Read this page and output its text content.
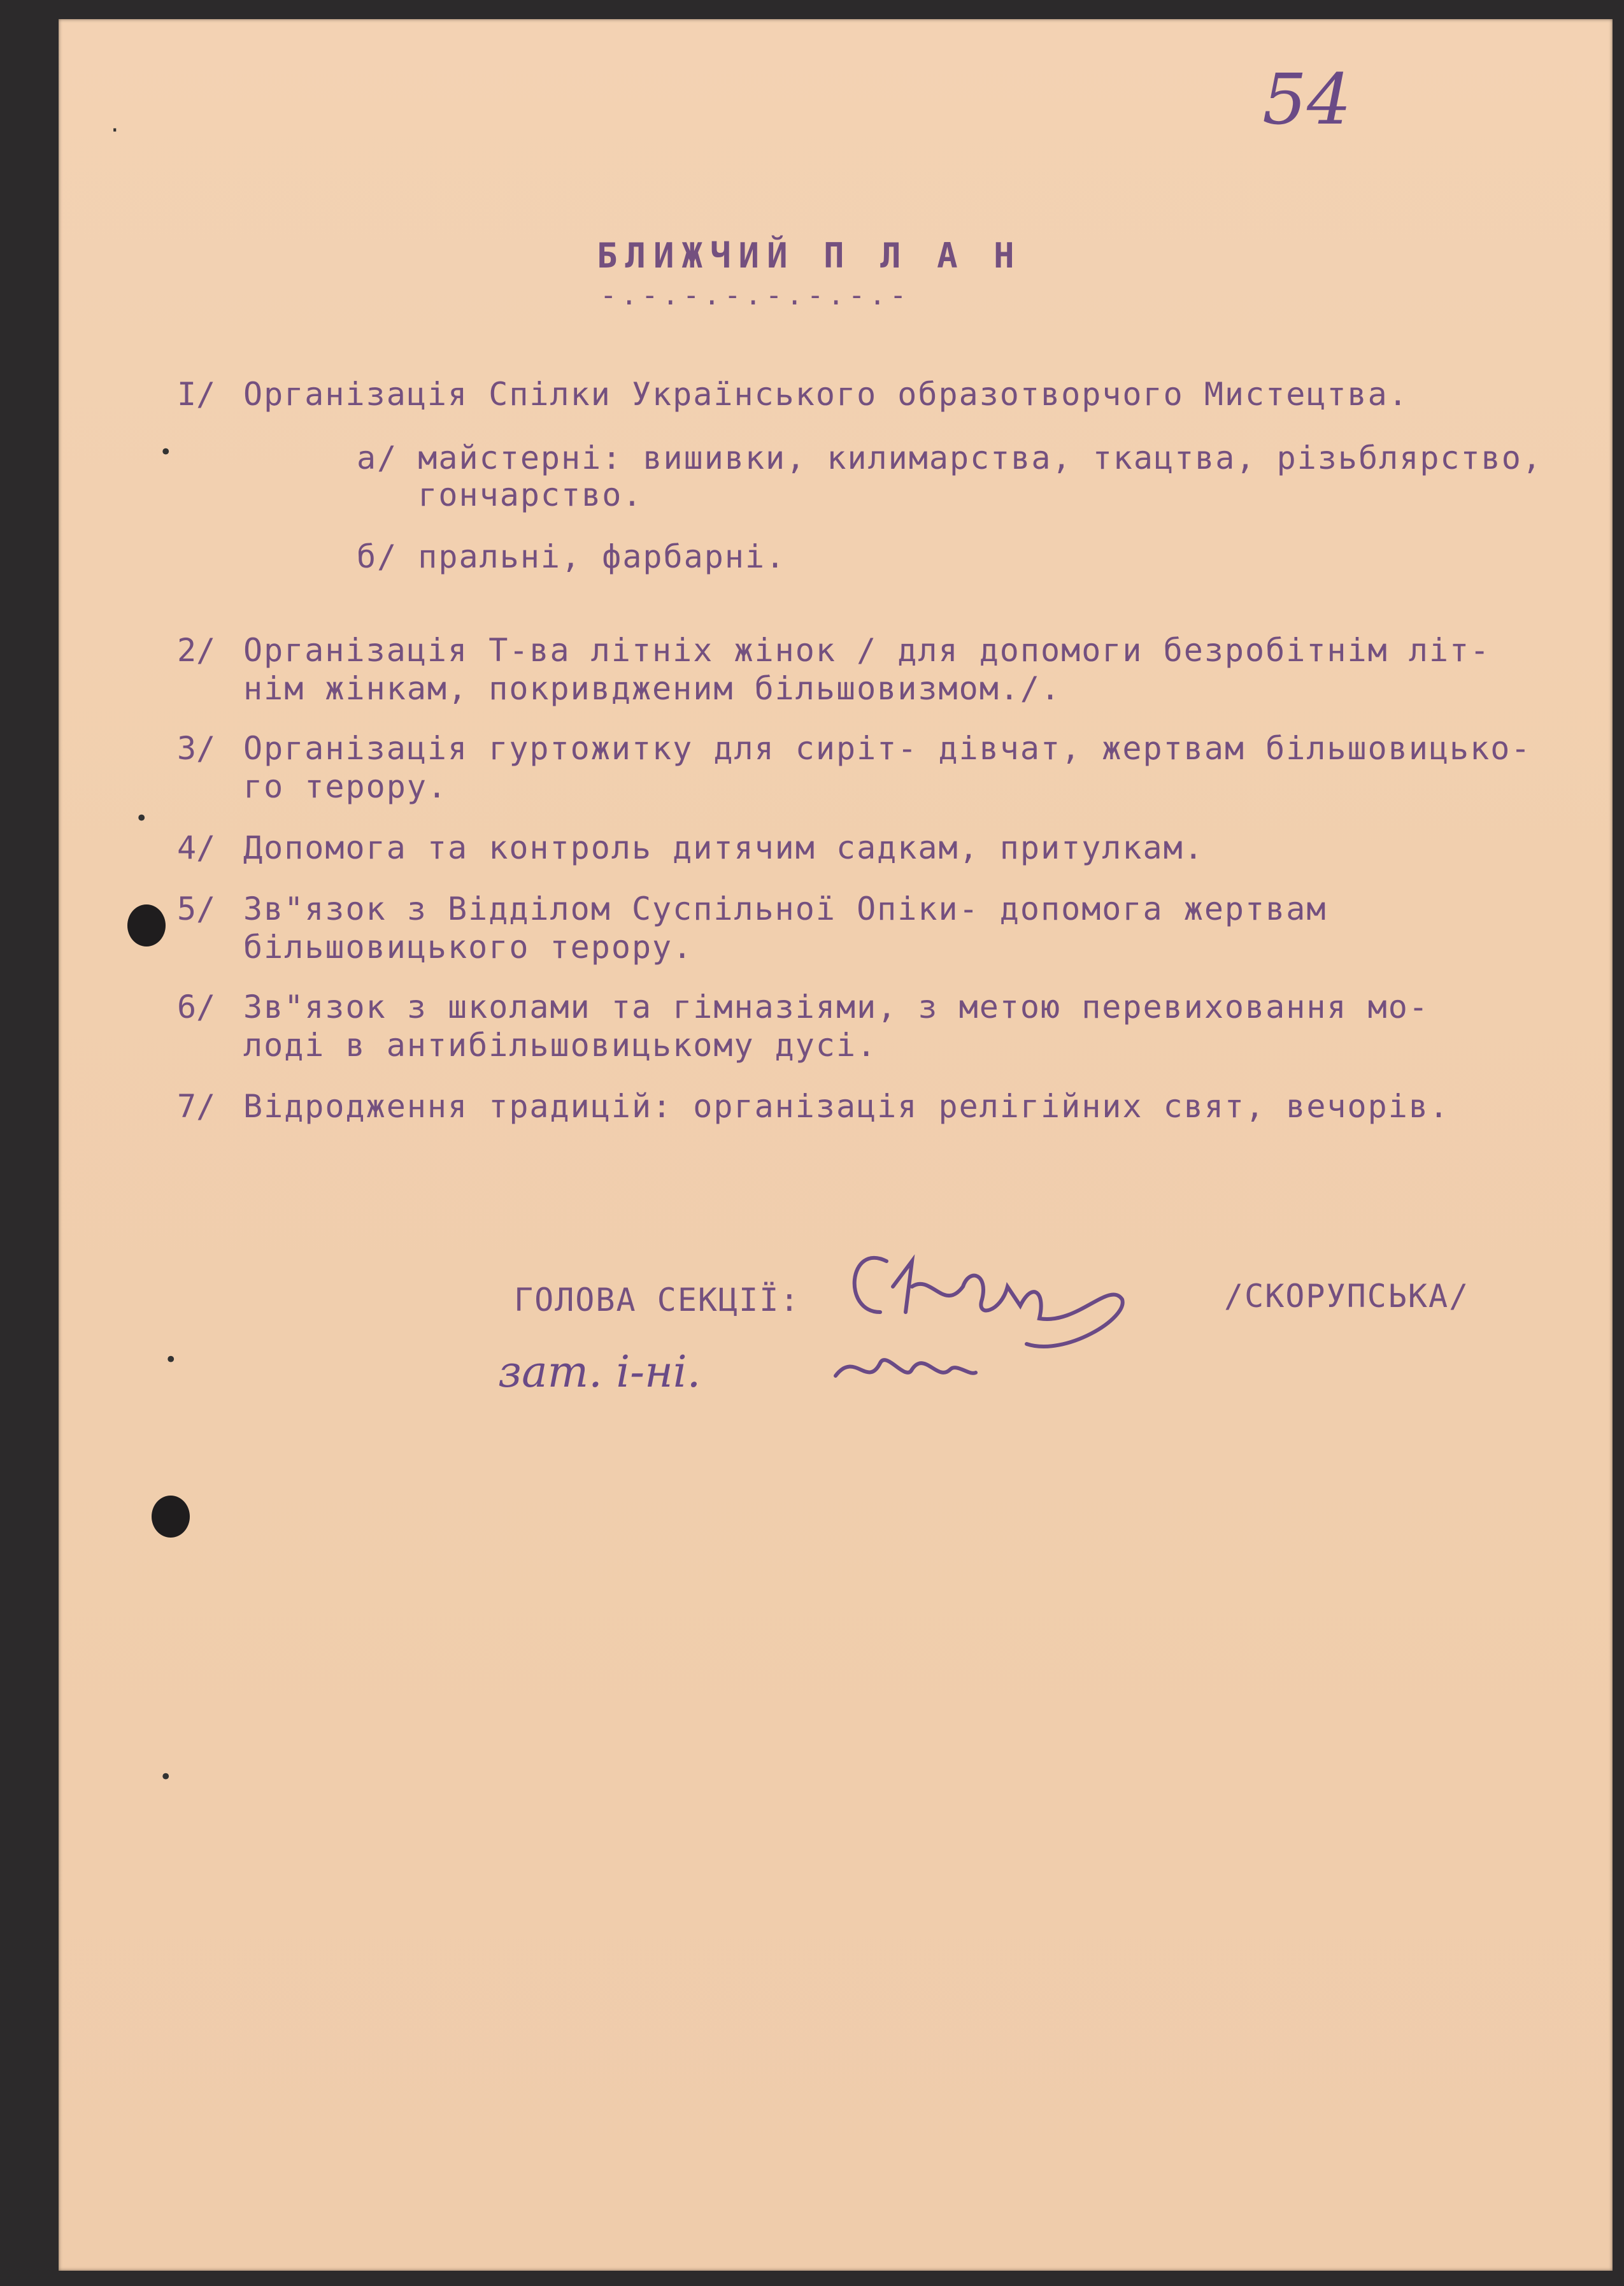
54
БЛИЖЧИЙ П Л А Н
-.-.-.-.-.-.-.-
I/ Організація Спілки Українського образотворчого Мистецтва.
а/ майстерні: вишивки, килимарства, ткацтва, різьблярство,
гончарство.
б/ пральні, фарбарні.
2/ Організація Т-ва літніх жінок / для допомоги безробітнім літ-
нім жінкам, покривдженим більшовизмом./.
3/ Організація гуртожитку для сиріт- дівчат, жертвам більшовицько-
го терору.
4/ Допомога та контроль дитячим садкам, притулкам.
5/ Зв"язок з Відділом Суспільної Опіки- допомога жертвам
більшовицького терору.
6/ Зв"язок з школами та гімназіями, з метою перевиховання мо-
лоді в антибільшовицькому дусі.
7/ Відродження традицій: організація релігійних свят, вечорів.
ГОЛОВА СЕКЦІЇ:	/СКОРУПСЬКА/
зат. і-ні.
·
•
•
•
•
